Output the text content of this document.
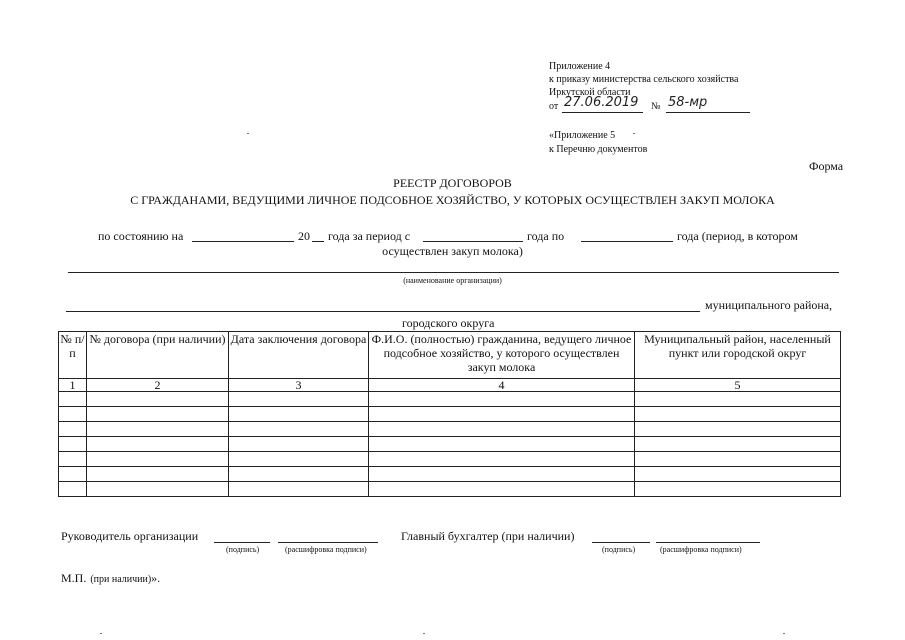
Приложение 4
к приказу министерства сельского хозяйства
Иркутской области
от 27.06.2019 № 58-мр
«Приложение 5
к Перечню документов
Форма
РЕЕСТР ДОГОВОРОВ
С ГРАЖДАНАМИ, ВЕДУЩИМИ ЛИЧНОЕ ПОДСОБНОЕ ХОЗЯЙСТВО, У КОТОРЫХ ОСУЩЕСТВЛЕН ЗАКУП МОЛОКА
по состоянию на	20 года за период с	года по	года (период, в котором
осуществлен закуп молока)
(наименование организации)
муниципального района,
городского округа
№ п/п	№ договора (при наличии)	Дата заключения договора	Ф.И.О. (полностью) гражданина, ведущего личное подсобное хозяйство, у которого осуществлен закуп молока	Муниципальный район, населенный пункт или городской округ
1	2	3	4	5

Руководитель организации
(подпись)	(расшифровка подписи)
Главный бухгалтер (при наличии)
(подпись)	(расшифровка подписи)
М.П. (при наличии)».
